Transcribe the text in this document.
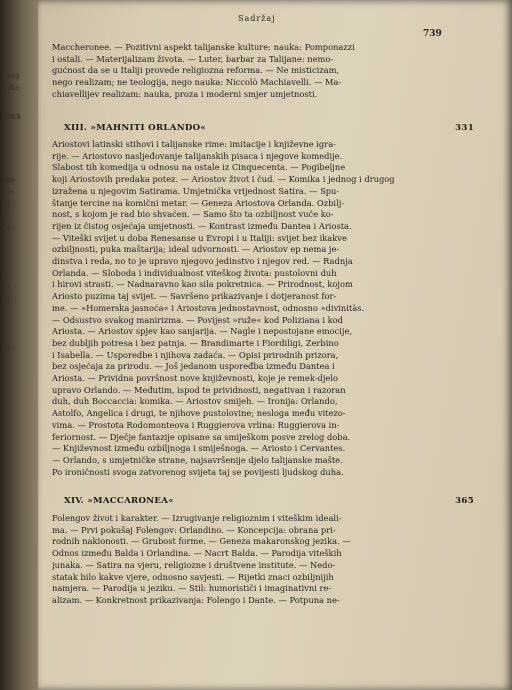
ovog
nske
265
-
a
s-
ste-
ne-
aj
li-
to
-
e
-
d-
ie
oj
e-
-
l-
ni
l-
Sadržaj
739
Maccheronee. — Pozitivni aspekt talijanske kulture: nauka: Pomponazzi
i ostali. — Materijalizam života. — Luter, barbar za Talijane: nemo-
gućnost da se u Italiji provede religiozna reforma. — Ne misticizam,
nego realizam; ne teologija, nego nauka: Niccolò Machiavelli. — Ma-
chiavellijev realizam: nauka, proza i moderni smjer umjetnosti.
XIII. »MAHNITI ORLANDO«	331
Ariostovi latinski stihovi i talijanske rime: imitacije i književne igra-
rije. — Ariostovo nasljeđovanje talijanskih pisaca i njegove komedije.
Slabost tih komedija u odnosu na ostale iz Cinquecenta. — Pogibeljne
koji Ariostovih predaka potez. — Ariostov život i čud. — Komika i jednog i drugog
izražena u njegovim Satirama. Umjetnička vrijednost Satira. — Spu-
štanje tercine na komični metar. — Geneza Ariostova Orlanda. Ozbilj-
nost, s kojom je rad bio shvaćen. — Samo što ta ozbiljnost vuče ko-
rijen iz čistog osjećaja umjetnosti. — Kontrast između Dantea i Ariosta.
— Viteški svijet u doba Renesanse u Evropi i u Italiji: svijet bez ikakve
ozbiljnosti, puka maštarija; ideal udvornosti. — Ariostov ep nema je-
dinstva i reda, no to je upravo njegovo jedinstvo i njegov red. — Radnja
Orlanda. — Sloboda i individualnost viteškog života: pustolovni duh
i hirovi strasti. — Nadnaravno kao sila pokretnica. — Prirodnost, kojom
Ariosto puzima taj svijet. — Savršeno prikazivanje i dotjeranost for-
me. — »Homerska jasnoća« i Ariostova jednostavnost, odnosno »divinitàs.
— Odsustvo svakog manirizma. — Povijest »ruže« kod Poliziana i kod
Ariosta. — Ariostov spjev kao sanjarija. — Nagle i nepostojane emocije,
bez dubljih potresa i bez patnja. — Brandimarte i Fiordiligi, Zerbino
i Isabella. — Usporedbe i njihova zadaća. — Opisi prirodnih prizora,
bez osjećaja za prirodu. — Još jedanom uspoređba između Dantea i
Ariosta. — Prividna površnost nove književnosti, koje je remek-djelo
upravo Orlando. — Međutim, ispod te prividnosti, negativan i razoran
duh, duh Boccaccia: komika. — Ariostov smijeh. — Ironija: Orlando,
Astolfo, Angelica i drugi, te njihove pustolovine; nesloga među vitezo-
vima. — Prostota Rodomonteova i Ruggierova vrlina: Ruggierova in-
feriornost. — Dječje fantazije opisane sa smiješkom posve zrelog doba.
— Književnost između ozbiljnoga i smiješnoga. — Ariosto i Cervantes.
— Orlando, s umjetničke strane, najsavršenije djelo talijanske mašte.
Po ironičnosti svoga zatvorenog svijeta taj se povijesti ljudskog duha.
XIV. »MACCARONEA«	365
Folengov život i karakter. — Izrugivanje religioznim i viteškim ideali-
ma. — Prvi pokušaj Folengov: Orlandino. — Koncepcija: obrana pri-
rodnih nakionosti. — Grubost forme. — Geneza makaronskog jezika. —
Odnos između Balda i Orlandina. — Nacrt Balda. — Parodija viteških
junaka. — Satira na vjeru, religiozne i društvene institute. — Nedo-
statak bilo kakve vjere, odnosno savjesti. — Rijetki znaci ozbiljnijih
namjera. — Parodija u jeziku. — Stil: humorističi i imaginativni re-
alizam. — Konkretnost prikazivanja: Folengo i Dante. — Potpuna ne-
